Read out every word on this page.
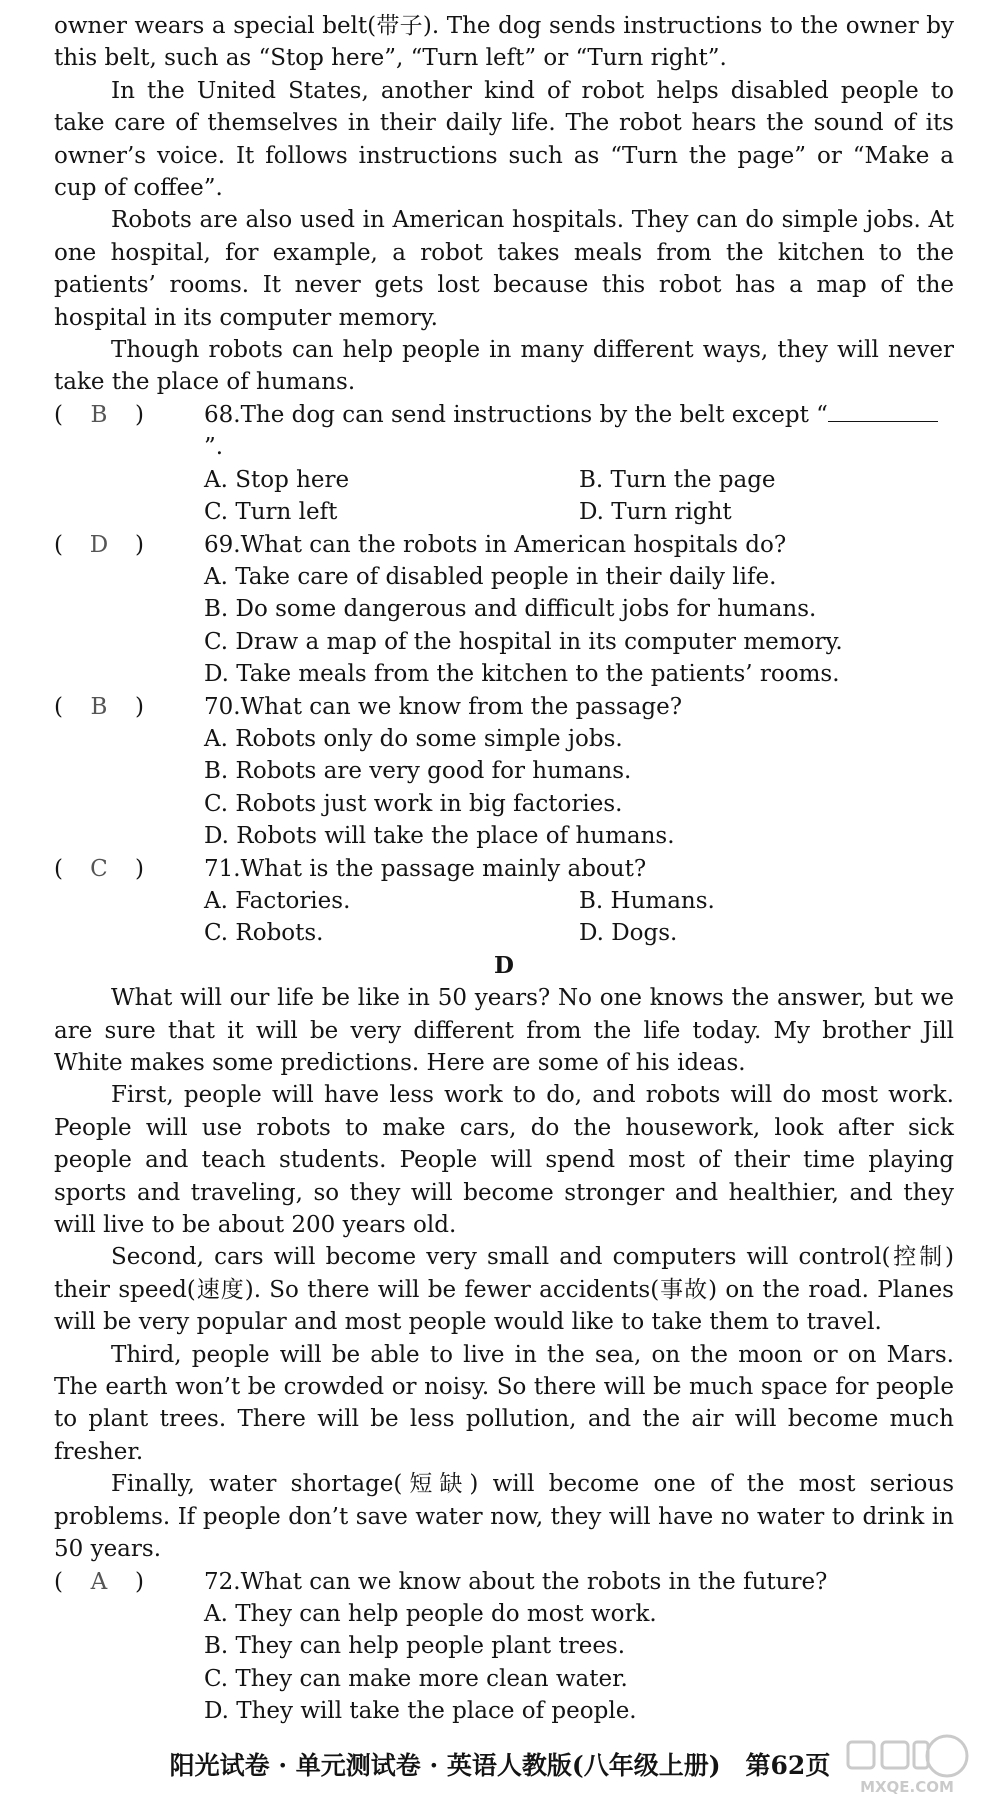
owner wears a special belt(带子). The dog sends instructions to the owner by this belt, such as “Stop here”, “Turn left” or “Turn right”.

In the United States, another kind of robot helps disabled people to take care of themselves in their daily life. The robot hears the sound of its owner’s voice. It follows instructions such as “Turn the page” or “Make a cup of coffee”.

Robots are also used in American hospitals. They can do simple jobs. At one hospital, for example, a robot takes meals from the kitchen to the patients’ rooms. It never gets lost because this robot has a map of the hospital in its computer memory.

Though robots can help people in many different ways, they will never take the place of humans.

( B )	68.The dog can send instructions by the belt except “”.
A. Stop here	B. Turn the page
C. Turn left	D. Turn right
( D )	69.What can the robots in American hospitals do?
A. Take care of disabled people in their daily life.
B. Do some dangerous and difficult jobs for humans.
C. Draw a map of the hospital in its computer memory.
D. Take meals from the kitchen to the patients’ rooms.
( B )	70.What can we know from the passage?
A. Robots only do some simple jobs.
B. Robots are very good for humans.
C. Robots just work in big factories.
D. Robots will take the place of humans.
( C )	71.What is the passage mainly about?
A. Factories.	B. Humans.
C. Robots.	D. Dogs.

D

What will our life be like in 50 years? No one knows the answer, but we are sure that it will be very different from the life today. My brother Jill White makes some predictions. Here are some of his ideas.

First, people will have less work to do, and robots will do most work. People will use robots to make cars, do the housework, look after sick people and teach students. People will spend most of their time playing sports and traveling, so they will become stronger and healthier, and they will live to be about 200 years old.

Second, cars will become very small and computers will control(控制) their speed(速度). So there will be fewer accidents(事故) on the road. Planes will be very popular and most people would like to take them to travel.

Third, people will be able to live in the sea, on the moon or on Mars. The earth won’t be crowded or noisy. So there will be much space for people to plant trees. There will be less pollution, and the air will become much fresher.

Finally, water shortage(短缺) will become one of the most serious problems. If people don’t save water now, they will have no water to drink in 50 years.

( A )	72.What can we know about the robots in the future?
A. They can help people do most work.
B. They can help people plant trees.
C. They can make more clean water.
D. They will take the place of people.
阳光试卷 · 单元测试卷 · 英语人教版(八年级上册)　第62页
MXQE.COM
